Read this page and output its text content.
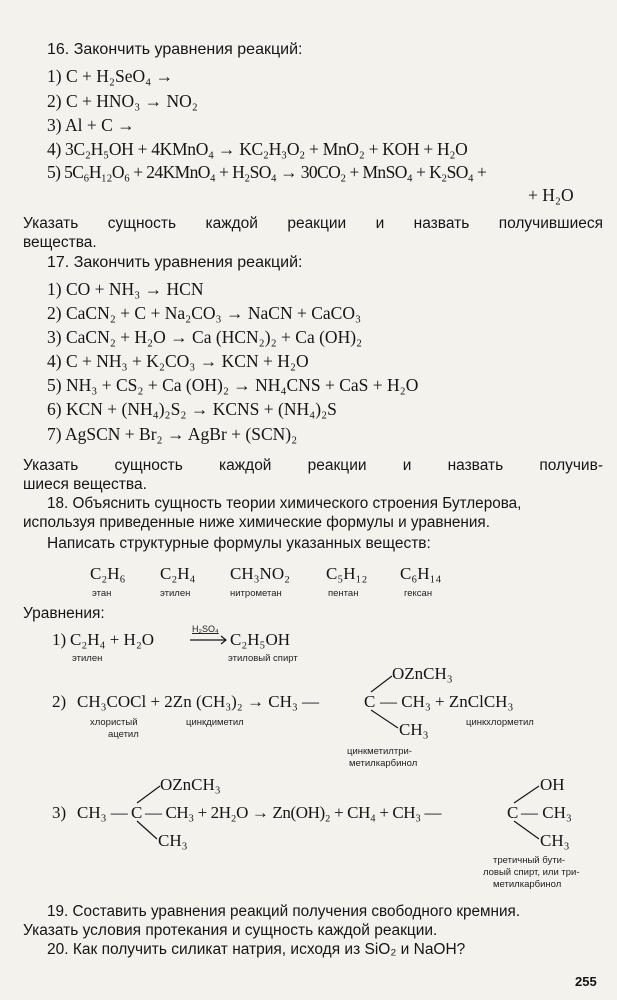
16. Закончить уравнения реакций:
1) C + H₂SeO₄ →
2) C + HNO₃ → NO₂
3) Al + C →
4) 3C₂H₅OH + 4KMnO₄ → KC₂H₃O₂ + MnO₂ + KOH + H₂O
5) 5C₆H₁₂O₆ + 24KMnO₄ + H₂SO₄ → 30CO₂ + MnSO₄ + K₂SO₄ +
+ H₂O
Указать сущность каждой реакции и назвать получившиеся
вещества.
17. Закончить уравнения реакций:
1) CO + NH₃ → HCN
2) CaCN₂ + C + Na₂CO₃ → NaCN + CaCO₃
3) CaCN₂ + H₂O → Ca (HCN₂)₂ + Ca (OH)₂
4) C + NH₃ + K₂CO₃ → KCN + H₂O
5) NH₃ + CS₂ + Ca (OH)₂ → NH₄CNS + CaS + H₂O
6) KCN + (NH₄)₂S₂ → KCNS + (NH₄)₂S
7) AgSCN + Br₂ → AgBr + (SCN)₂
Указать сущность каждой реакции и назвать получив-
шиеся вещества.
18. Объяснить сущность теории химического строения Бутлерова,
используя приведенные ниже химические формулы и уравнения.
Написать структурные формулы указанных веществ:
C₂H₆
этан
C₂H₄
этилен
CH₃NO₂
нитрометан
C₅H₁₂
пентан
C₆H₁₄
гексан
Уравнения:
1) C₂H₄ + H₂O
H₂SO₄
C₂H₅OH
этилен	этиловый спирт
OZnCH₃
2) CH₃COCl + 2Zn (CH₃)₂ → CH₃ —	C — CH₃ + ZnClCH₃
CH₃
хлористый
ацетил
цинкдиметил
цинкметилтри-
метилкарбинол
цинкхлорметил
OZnCH₃	OH
3) CH₃ — C — CH₃ + 2H₂O → Zn(OH)₂ + CH₄ + CH₃ —	C — CH₃
CH₃	CH₃
третичный бути-
ловый спирт, или три-
метилкарбинол
19. Составить уравнения реакций получения свободного кремния.
Указать условия протекания и сущность каждой реакции.
20. Как получить силикат натрия, исходя из SiO₂ и NaOH?
255
